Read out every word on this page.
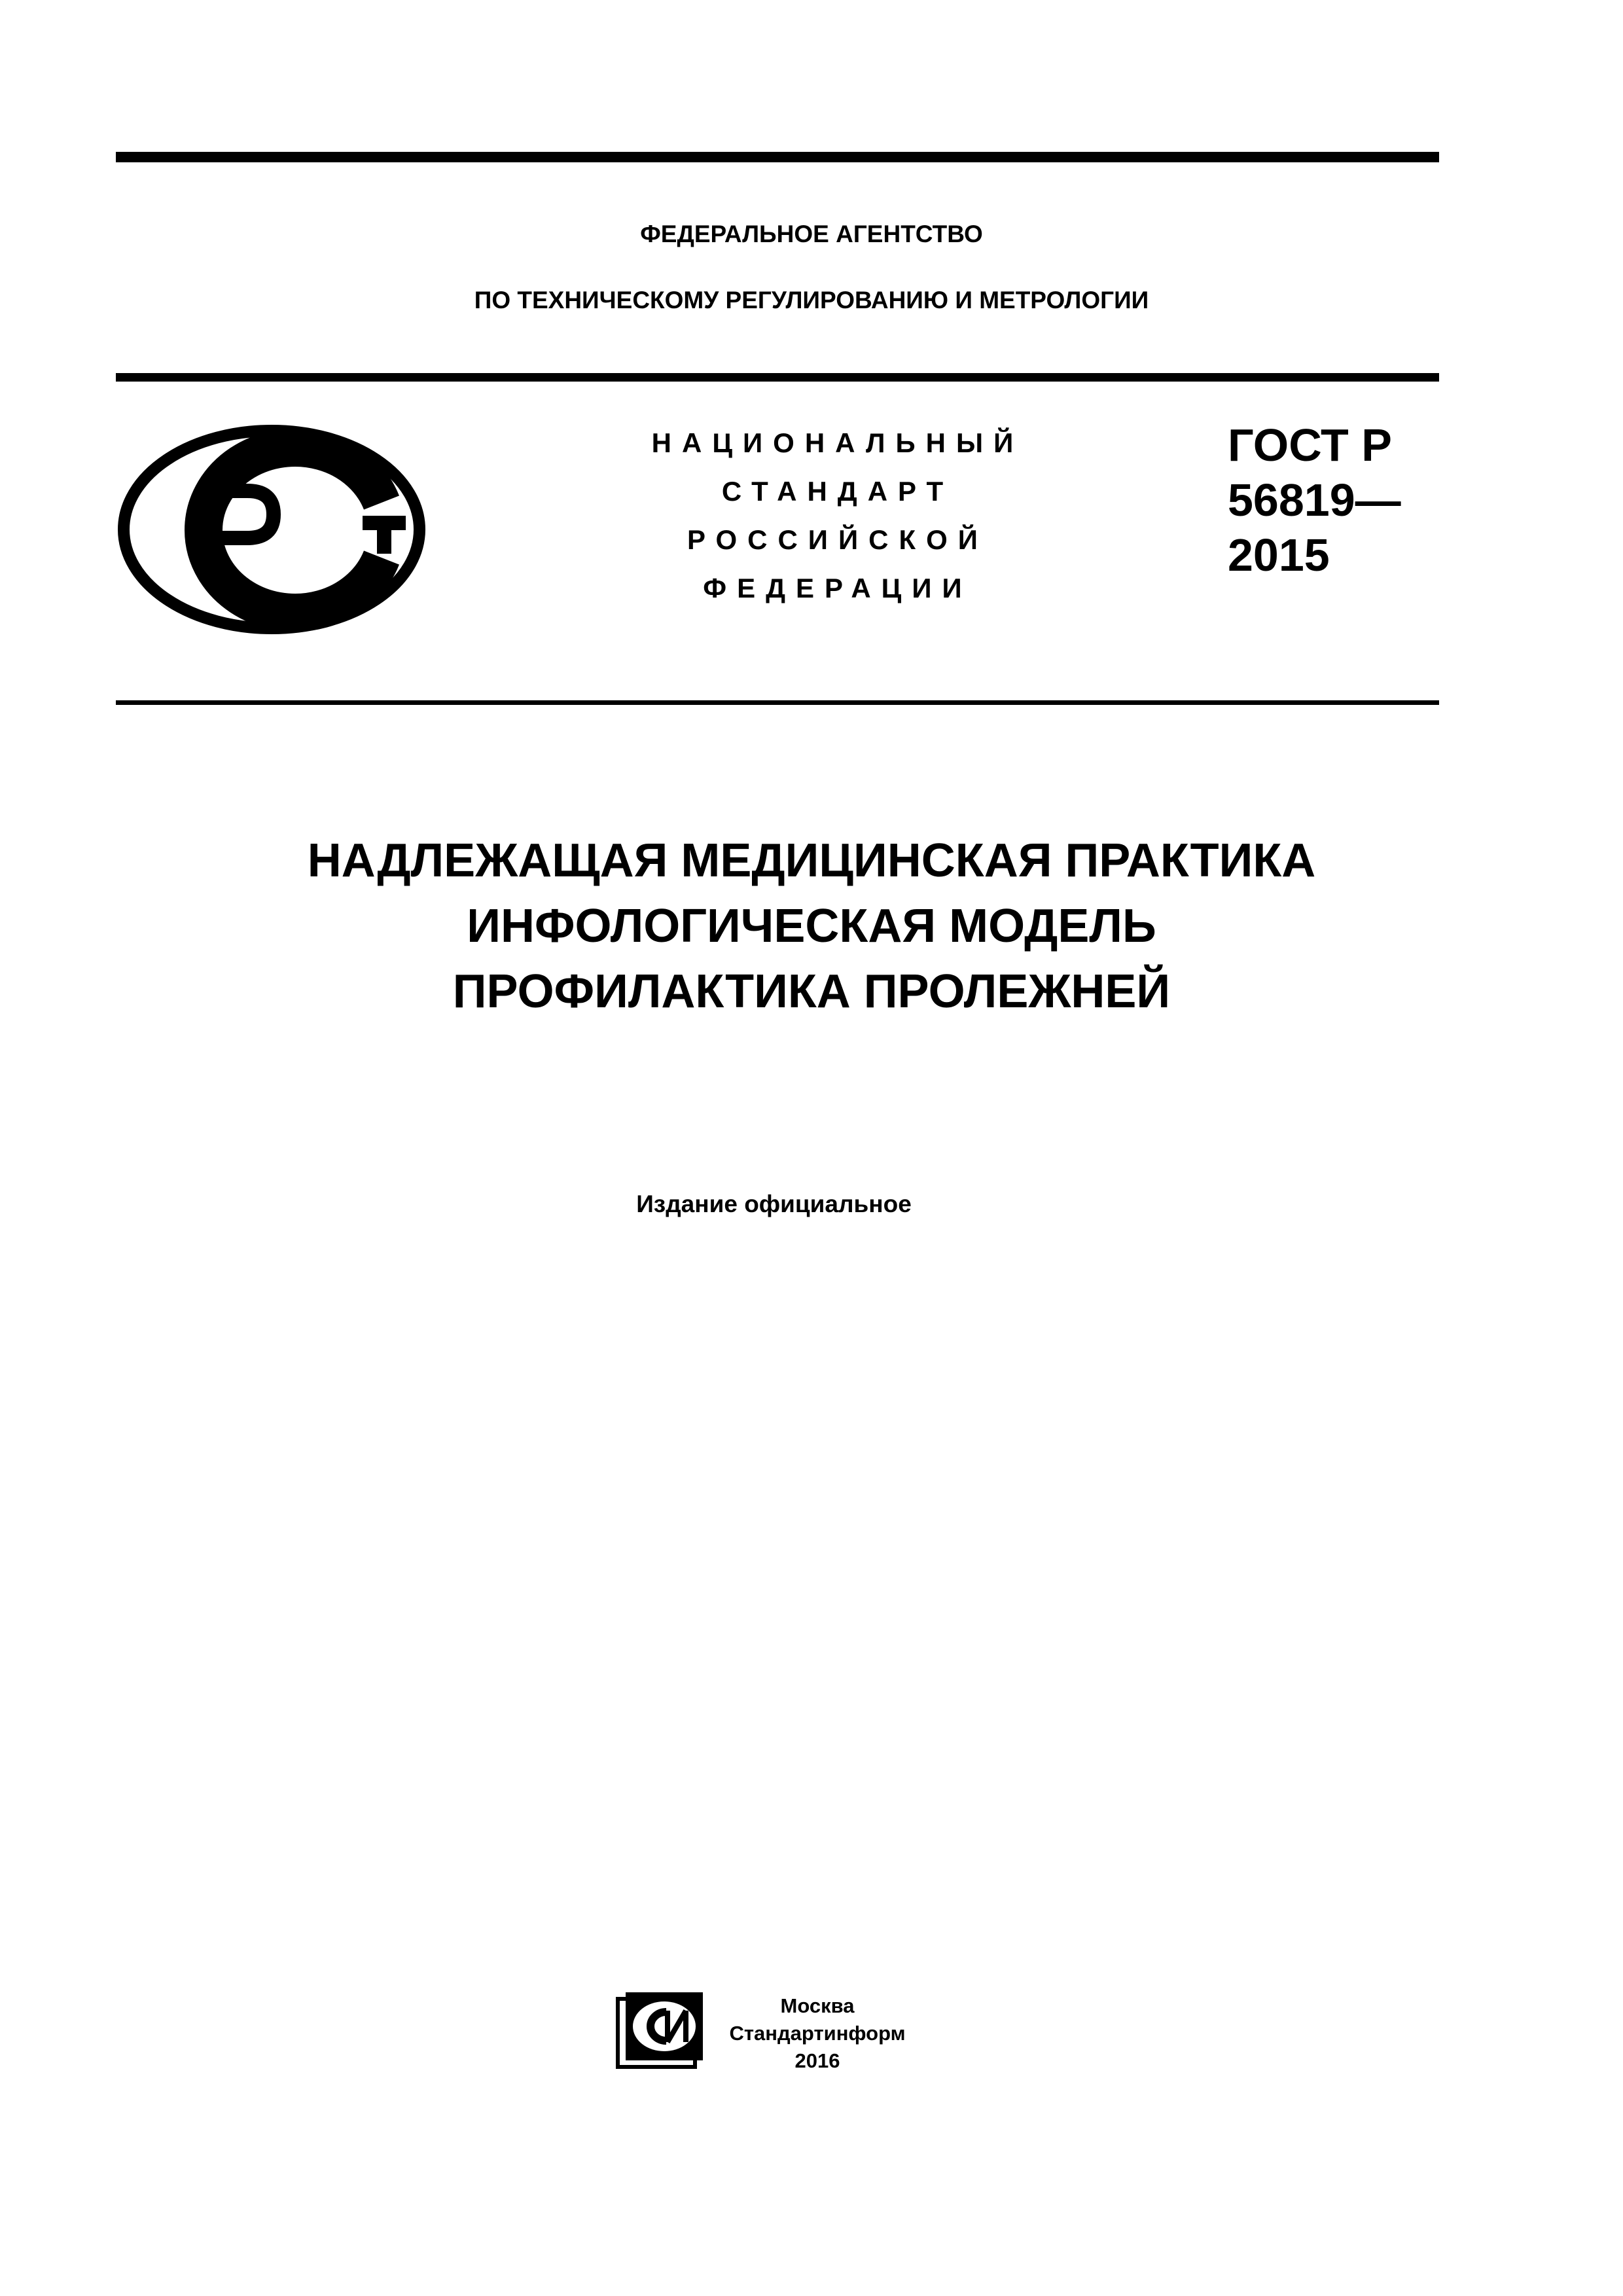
ФЕДЕРАЛЬНОЕ АГЕНТСТВО
ПО ТЕХНИЧЕСКОМУ РЕГУЛИРОВАНИЮ И МЕТРОЛОГИИ
НАЦИОНАЛЬНЫЙ
СТАНДАРТ
РОССИЙСКОЙ
ФЕДЕРАЦИИ
ГОСТ Р
56819—
2015
НАДЛЕЖАЩАЯ МЕДИЦИНСКАЯ ПРАКТИКА
ИНФОЛОГИЧЕСКАЯ МОДЕЛЬ
ПРОФИЛАКТИКА ПРОЛЕЖНЕЙ
Издание официальное
Москва
Стандартинформ
2016
